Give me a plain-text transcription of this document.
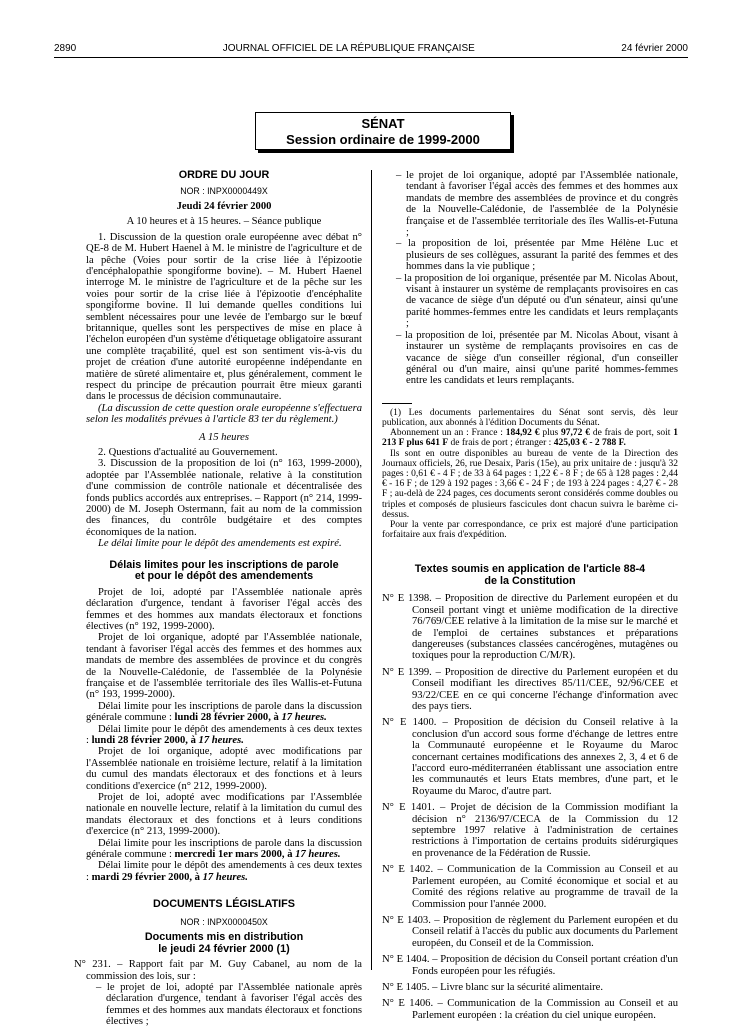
2890	JOURNAL OFFICIEL DE LA RÉPUBLIQUE FRANÇAISE	24 février 2000
SÉNAT
Session ordinaire de 1999-2000
ORDRE DU JOUR
NOR : INPX0000449X
Jeudi 24 février 2000
A 10 heures et à 15 heures. – Séance publique

1. Discussion de la question orale européenne avec débat n° QE-8 de M. Hubert Haenel à M. le ministre de l'agriculture et de la pêche (Voies pour sortir de la crise liée à l'épizootie d'encéphalopathie spongiforme bovine). – M. Hubert Haenel interroge M. le ministre de l'agriculture et de la pêche sur les voies pour sortir de la crise liée à l'épizootie d'encéphalite spongiforme bovine. Il lui demande quelles conditions lui semblent nécessaires pour une levée de l'embargo sur le bœuf britannique, quelles sont les perspectives de mise en place à l'échelon européen d'un système d'étiquetage obligatoire assurant une complète traçabilité, quel est son sentiment vis-à-vis du projet de création d'une autorité européenne indépendante en matière de sûreté alimentaire et, plus généralement, comment le respect du principe de précaution pourrait être mieux garanti dans le processus de décision communautaire.

(La discussion de cette question orale européenne s'effectuera selon les modalités prévues à l'article 83 ter du règlement.)

A 15 heures

2. Questions d'actualité au Gouvernement.

3. Discussion de la proposition de loi (n° 163, 1999-2000), adoptée par l'Assemblée nationale, relative à la constitution d'une commission de contrôle nationale et décentralisée des fonds publics accordés aux entreprises. – Rapport (n° 214, 1999-2000) de M. Joseph Ostermann, fait au nom de la commission des finances, du contrôle budgétaire et des comptes économiques de la nation.

Le délai limite pour le dépôt des amendements est expiré.

Délais limites pour les inscriptions de parole
et pour le dépôt des amendements

Projet de loi, adopté par l'Assemblée nationale après déclaration d'urgence, tendant à favoriser l'égal accès des femmes et des hommes aux mandats électoraux et fonctions électives (n° 192, 1999-2000).

Projet de loi organique, adopté par l'Assemblée nationale, tendant à favoriser l'égal accès des femmes et des hommes aux mandats de membre des assemblées de province et du congrès de la Nouvelle-Calédonie, de l'assemblée de la Polynésie française et de l'assemblée territoriale des îles Wallis-et-Futuna (n° 193, 1999-2000).

Délai limite pour les inscriptions de parole dans la discussion générale commune : lundi 28 février 2000, à 17 heures.

Délai limite pour le dépôt des amendements à ces deux textes : lundi 28 février 2000, à 17 heures.

Projet de loi organique, adopté avec modifications par l'Assemblée nationale en troisième lecture, relatif à la limitation du cumul des mandats électoraux et des fonctions et à leurs conditions d'exercice (n° 212, 1999-2000).

Projet de loi, adopté avec modifications par l'Assemblée nationale en nouvelle lecture, relatif à la limitation du cumul des mandats électoraux et des fonctions et à leurs conditions d'exercice (n° 213, 1999-2000).

Délai limite pour les inscriptions de parole dans la discussion générale commune : mercredi 1er mars 2000, à 17 heures.

Délai limite pour le dépôt des amendements à ces deux textes : mardi 29 février 2000, à 17 heures.

DOCUMENTS LÉGISLATIFS
NOR : INPX0000450X
Documents mis en distribution
le jeudi 24 février 2000 (1)

N° 231. – Rapport fait par M. Guy Cabanel, au nom de la commission des lois, sur :

– le projet de loi, adopté par l'Assemblée nationale après déclaration d'urgence, tendant à favoriser l'égal accès des femmes et des hommes aux mandats électoraux et fonctions électives ;

– le projet de loi organique, adopté par l'Assemblée nationale, tendant à favoriser l'égal accès des femmes et des hommes aux mandats de membre des assemblées de province et du congrès de la Nouvelle-Calédonie, de l'assemblée de la Polynésie française et de l'assemblée territoriale des îles Wallis-et-Futuna ;

– la proposition de loi, présentée par Mme Hélène Luc et plusieurs de ses collègues, assurant la parité des femmes et des hommes dans la vie publique ;

– la proposition de loi organique, présentée par M. Nicolas About, visant à instaurer un système de remplaçants provisoires en cas de vacance de siège d'un député ou d'un sénateur, ainsi qu'une parité hommes-femmes entre les candidats et leurs remplaçants ;

– la proposition de loi, présentée par M. Nicolas About, visant à instaurer un système de remplaçants provisoires en cas de vacance de siège d'un conseiller régional, d'un conseiller général ou d'un maire, ainsi qu'une parité hommes-femmes entre les candidats et leurs remplaçants.

(1) Les documents parlementaires du Sénat sont servis, dès leur publication, aux abonnés à l'édition Documents du Sénat.

Abonnement un an : France : 184,92 € plus 97,72 € de frais de port, soit 1 213 F plus 641 F de frais de port ; étranger : 425,03 € - 2 788 F.

Ils sont en outre disponibles au bureau de vente de la Direction des Journaux officiels, 26, rue Desaix, Paris (15e), au prix unitaire de : jusqu'à 32 pages : 0,61 € - 4 F ; de 33 à 64 pages : 1,22 € - 8 F ; de 65 à 128 pages : 2,44 € - 16 F ; de 129 à 192 pages : 3,66 € - 24 F ; de 193 à 224 pages : 4,27 € - 28 F ; au-delà de 224 pages, ces documents seront considérés comme doubles ou triples et composés de plusieurs fascicules dont chacun suivra le barème ci-dessus.

Pour la vente par correspondance, ce prix est majoré d'une participation forfaitaire aux frais d'expédition.

Textes soumis en application de l'article 88-4
de la Constitution

N° E 1398. – Proposition de directive du Parlement européen et du Conseil portant vingt et unième modification de la directive 76/769/CEE relative à la limitation de la mise sur le marché et de l'emploi de certaines substances et préparations dangereuses (substances classées cancérogènes, mutagènes ou toxiques pour la reproduction C/M/R).

N° E 1399. – Proposition de directive du Parlement européen et du Conseil modifiant les directives 85/11/CEE, 92/96/CEE et 93/22/CEE en ce qui concerne l'échange d'information avec des pays tiers.

N° E 1400. – Proposition de décision du Conseil relative à la conclusion d'un accord sous forme d'échange de lettres entre la Communauté européenne et le Royaume du Maroc concernant certaines modifications des annexes 2, 3, 4 et 6 de l'accord euro-méditerranéen établissant une association entre les communautés et leurs Etats membres, d'une part, et le Royaume du Maroc, d'autre part.

N° E 1401. – Projet de décision de la Commission modifiant la décision n° 2136/97/CECA de la Commission du 12 septembre 1997 relative à l'administration de certaines restrictions à l'importation de certains produits sidérurgiques en provenance de la Fédération de Russie.

N° E 1402. – Communication de la Commission au Conseil et au Parlement européen, au Comité économique et social et au Comité des régions relative au programme de travail de la Commission pour l'année 2000.

N° E 1403. – Proposition de règlement du Parlement européen et du Conseil relatif à l'accès du public aux documents du Parlement européen, du Conseil et de la Commission.

N° E 1404. – Proposition de décision du Conseil portant création d'un Fonds européen pour les réfugiés.

N° E 1405. – Livre blanc sur la sécurité alimentaire.

N° E 1406. – Communication de la Commission au Conseil et au Parlement européen : la création du ciel unique européen.
